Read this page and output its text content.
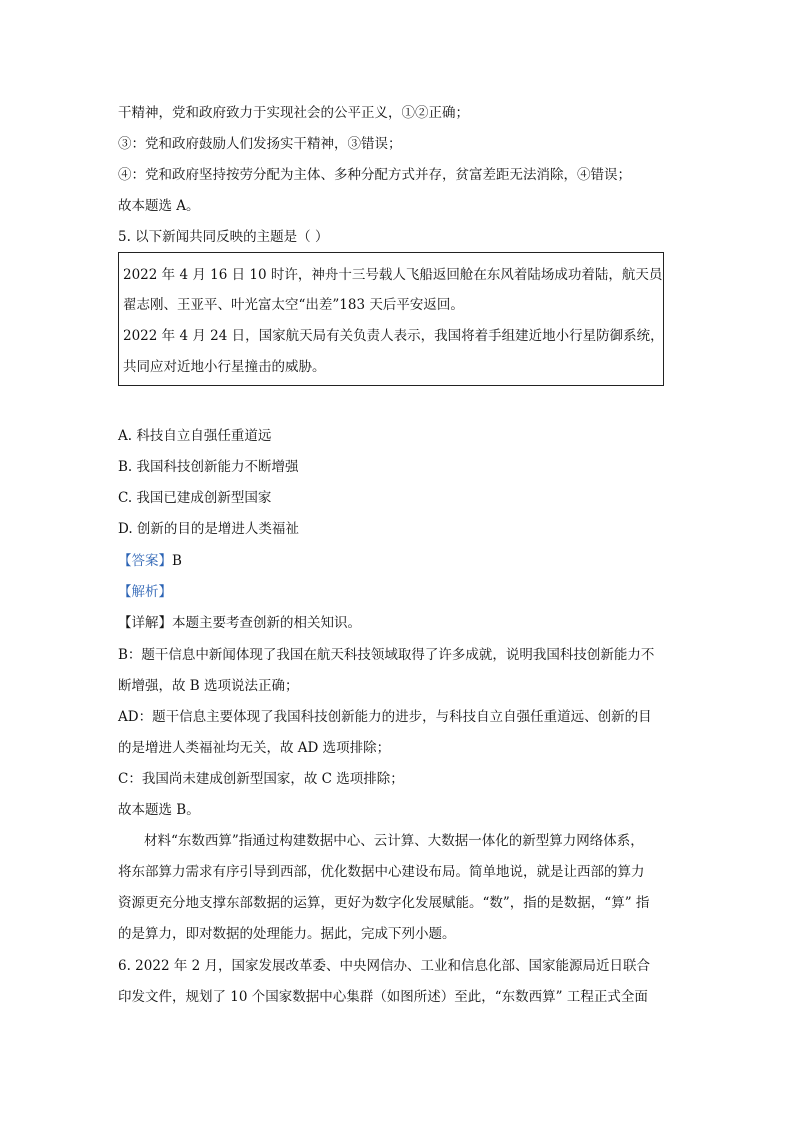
干精神，党和政府致力于实现社会的公平正义，①②正确；
③：党和政府鼓励人们发扬实干精神，③错误；
④：党和政府坚持按劳分配为主体、多种分配方式并存，贫富差距无法消除，④错误；
故本题选 A。
5. 以下新闻共同反映的主题是（ ）
2022 年 4 月 16 日 10 时许，神舟十三号载人飞船返回舱在东风着陆场成功着陆，航天员
翟志刚、王亚平、叶光富太空“出差”183 天后平安返回。
2022 年 4 月 24 日，国家航天局有关负责人表示，我国将着手组建近地小行星防御系统，
共同应对近地小行星撞击的威胁。
A. 科技自立自强任重道远
B. 我国科技创新能力不断增强
C. 我国已建成创新型国家
D. 创新的目的是增进人类福祉
【答案】B
【解析】
【详解】本题主要考查创新的相关知识。
B：题干信息中新闻体现了我国在航天科技领域取得了许多成就，说明我国科技创新能力不
断增强，故 B 选项说法正确；
AD：题干信息主要体现了我国科技创新能力的进步，与科技自立自强任重道远、创新的目
的是增进人类福祉均无关，故 AD 选项排除；
C：我国尚未建成创新型国家，故 C 选项排除；
故本题选 B。
材料“东数西算”指通过构建数据中心、云计算、大数据一体化的新型算力网络体系，
将东部算力需求有序引导到西部，优化数据中心建设布局。简单地说，就是让西部的算力
资源更充分地支撑东部数据的运算，更好为数字化发展赋能。“数”，指的是数据，“算” 指
的是算力，即对数据的处理能力。据此，完成下列小题。
6. 2022 年 2 月，国家发展改革委、中央网信办、工业和信息化部、国家能源局近日联合
印发文件，规划了 10 个国家数据中心集群（如图所述）至此，“东数西算” 工程正式全面
